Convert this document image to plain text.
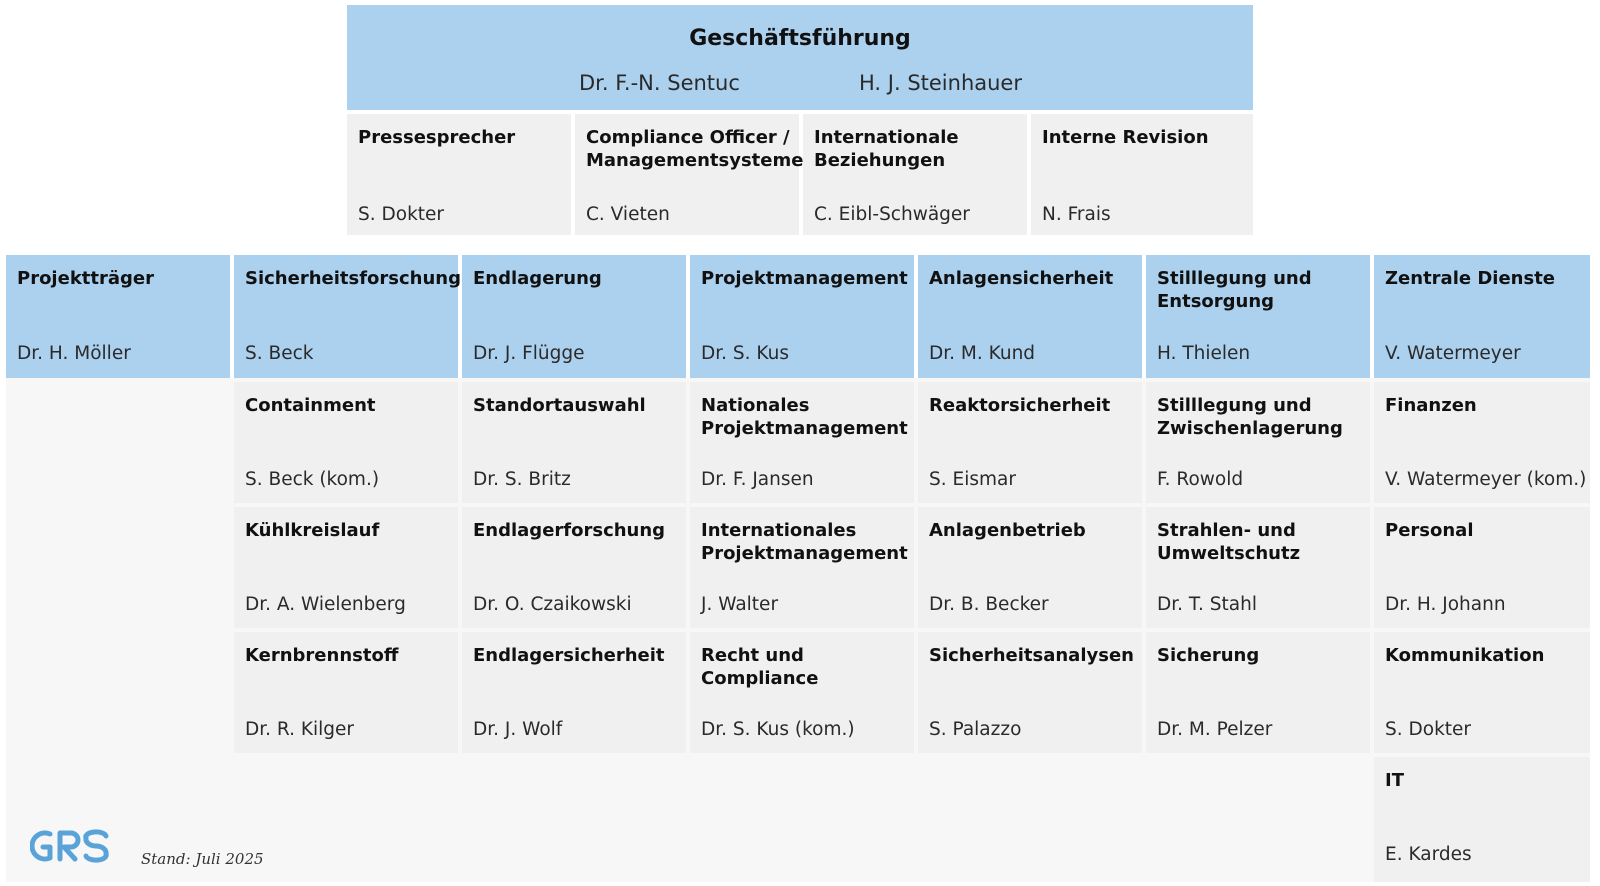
Geschäftsführung
Dr. F.-N. Sentuc	H. J. Steinhauer
Pressesprecher
S. Dokter
Compliance Officer / Managementsysteme
C. Vieten
Internationale Beziehungen
C. Eibl-Schwäger
Interne Revision
N. Frais
Projektträger
Dr. H. Möller
Sicherheitsforschung
S. Beck
Containment
S. Beck (kom.)
Kühlkreislauf
Dr. A. Wielenberg
Kernbrennstoff
Dr. R. Kilger
Endlagerung
Dr. J. Flügge
Standortauswahl
Dr. S. Britz
Endlagerforschung
Dr. O. Czaikowski
Endlagersicherheit
Dr. J. Wolf
Projektmanagement
Dr. S. Kus
Nationales Projektmanagement
Dr. F. Jansen
Internationales Projektmanagement
J. Walter
Recht und Compliance
Dr. S. Kus (kom.)
Anlagensicherheit
Dr. M. Kund
Reaktorsicherheit
S. Eismar
Anlagenbetrieb
Dr. B. Becker
Sicherheitsanalysen
S. Palazzo
Stilllegung und Entsorgung
H. Thielen
Stilllegung und Zwischenlagerung
F. Rowold
Strahlen- und Umweltschutz
Dr. T. Stahl
Sicherung
Dr. M. Pelzer
Zentrale Dienste
V. Watermeyer
Finanzen
V. Watermeyer (kom.)
Personal
Dr. H. Johann
Kommunikation
S. Dokter
IT
E. Kardes
Stand: Juli 2025
